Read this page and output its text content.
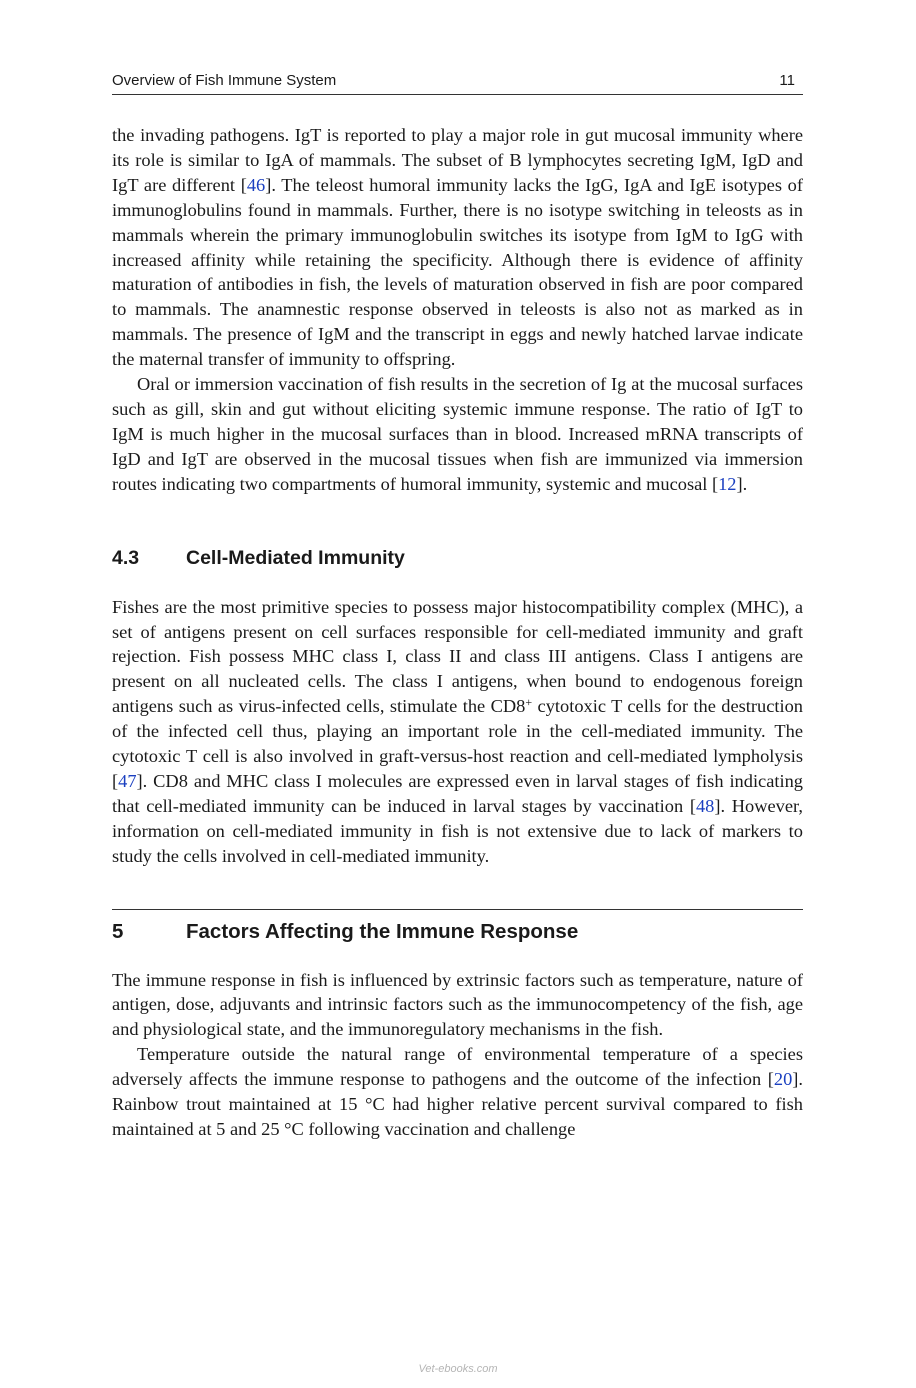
Overview of Fish Immune System	11

the invading pathogens. IgT is reported to play a major role in gut mucosal immunity where its role is similar to IgA of mammals. The subset of B lymphocytes secreting IgM, IgD and IgT are different [46]. The teleost humoral immunity lacks the IgG, IgA and IgE isotypes of immunoglobulins found in mammals. Further, there is no isotype switching in teleosts as in mammals wherein the primary immunoglobulin switches its isotype from IgM to IgG with increased affinity while retaining the specificity. Although there is evidence of affinity maturation of antibodies in fish, the levels of maturation observed in fish are poor compared to mammals. The anamnestic response observed in teleosts is also not as marked as in mammals. The presence of IgM and the transcript in eggs and newly hatched larvae indicate the maternal transfer of immunity to offspring.

Oral or immersion vaccination of fish results in the secretion of Ig at the mucosal surfaces such as gill, skin and gut without eliciting systemic immune response. The ratio of IgT to IgM is much higher in the mucosal surfaces than in blood. Increased mRNA transcripts of IgD and IgT are observed in the mucosal tissues when fish are immunized via immersion routes indicating two compartments of humoral immunity, systemic and mucosal [12].

4.3 Cell-Mediated Immunity

Fishes are the most primitive species to possess major histocompatibility complex (MHC), a set of antigens present on cell surfaces responsible for cell-mediated immunity and graft rejection. Fish possess MHC class I, class II and class III antigens. Class I antigens are present on all nucleated cells. The class I antigens, when bound to endogenous foreign antigens such as virus-infected cells, stimulate the CD8+ cytotoxic T cells for the destruction of the infected cell thus, playing an important role in the cell-mediated immunity. The cytotoxic T cell is also involved in graft-versus-host reaction and cell-mediated lympholysis [47]. CD8 and MHC class I molecules are expressed even in larval stages of fish indicating that cell-mediated immunity can be induced in larval stages by vaccination [48]. However, information on cell-mediated immunity in fish is not extensive due to lack of markers to study the cells involved in cell-mediated immunity.

5	Factors Affecting the Immune Response

The immune response in fish is influenced by extrinsic factors such as temperature, nature of antigen, dose, adjuvants and intrinsic factors such as the immunocompetency of the fish, age and physiological state, and the immunoregulatory mechanisms in the fish.

Temperature outside the natural range of environmental temperature of a species adversely affects the immune response to pathogens and the outcome of the infection [20]. Rainbow trout maintained at 15 °C had higher relative percent survival compared to fish maintained at 5 and 25 °C following vaccination and challenge

Vet-ebooks.com
